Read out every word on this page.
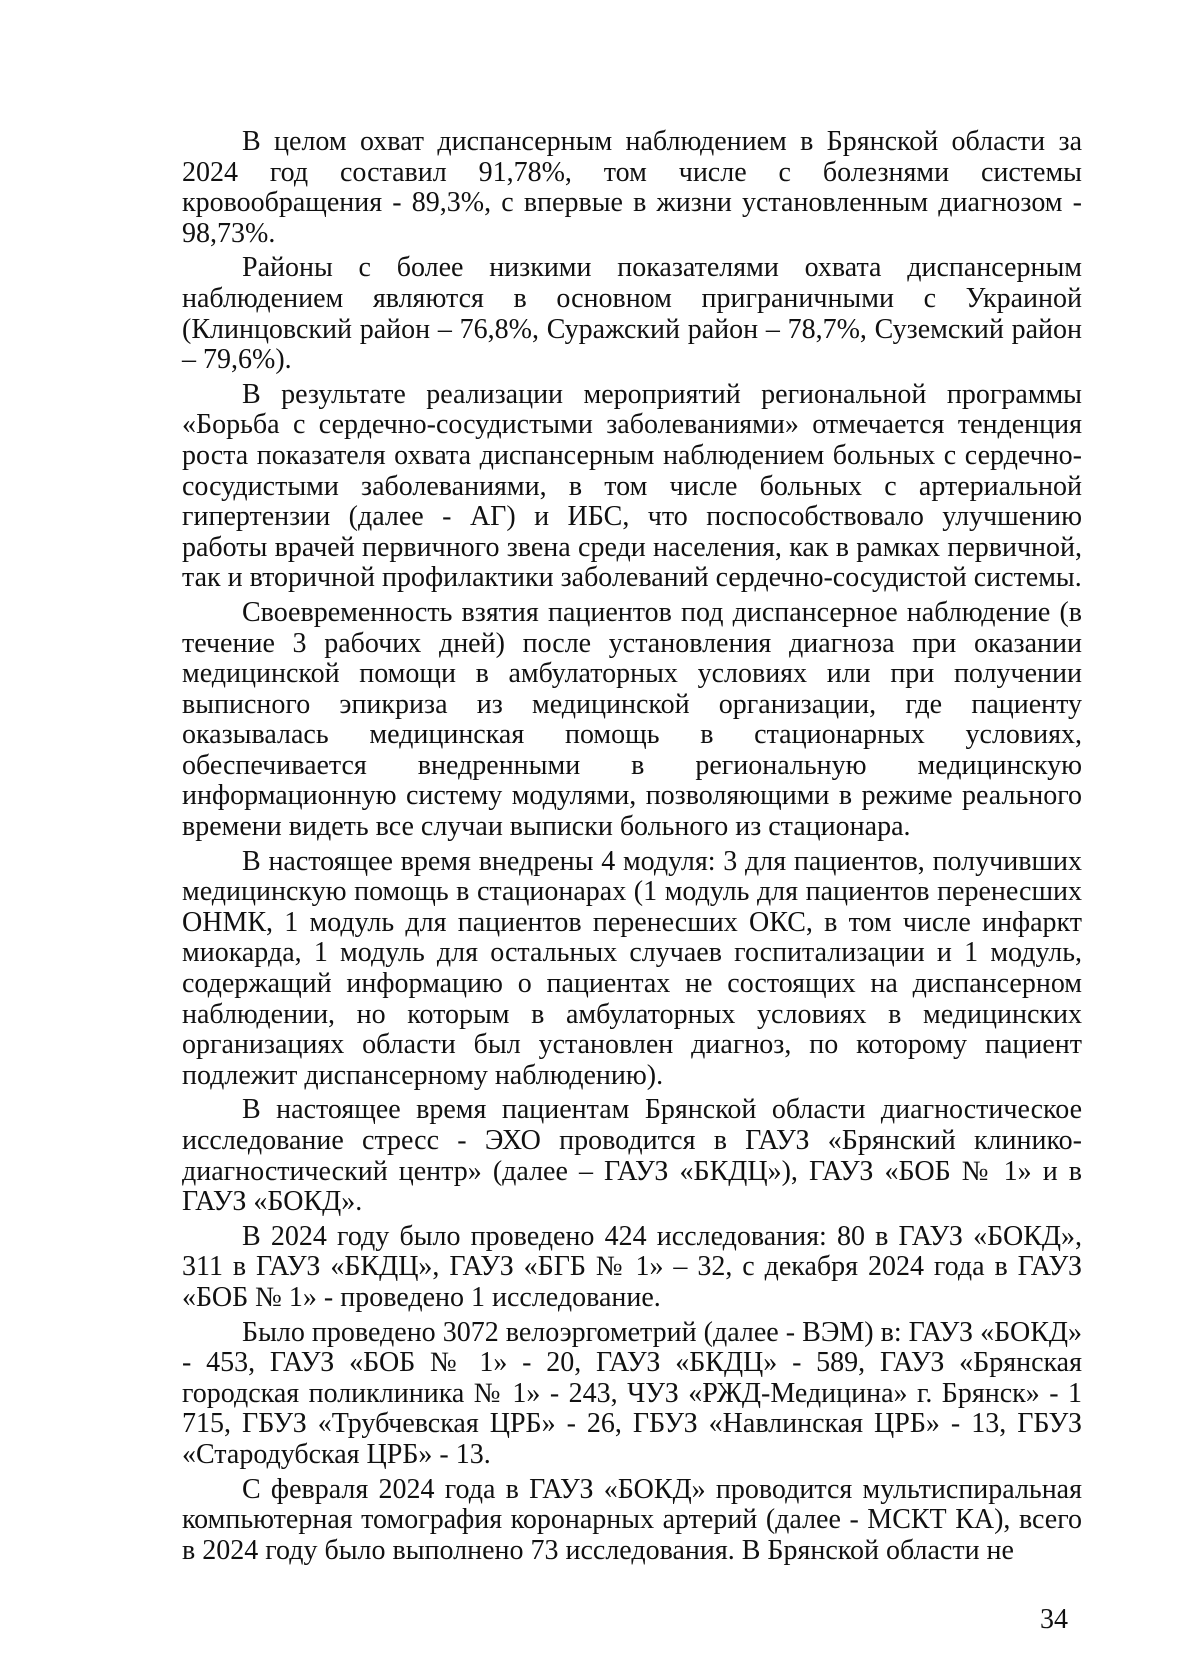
В целом охват диспансерным наблюдением в Брянской области за 2024 год составил 91,78%, том числе с болезнями системы кровообращения - 89,3%, с впервые в жизни установленным диагнозом - 98,73%.

Районы с более низкими показателями охвата диспансерным наблюдением являются в основном приграничными с Украиной (Клинцовский район – 76,8%, Суражский район – 78,7%, Суземский район – 79,6%).

В результате реализации мероприятий региональной программы «Борьба с сердечно-сосудистыми заболеваниями» отмечается тенденция роста показателя охвата диспансерным наблюдением больных с сердечно-сосудистыми заболеваниями, в том числе больных с артериальной гипертензии (далее - АГ) и ИБС, что поспособствовало улучшению работы врачей первичного звена среди населения, как в рамках первичной, так и вторичной профилактики заболеваний сердечно-сосудистой системы.

Своевременность взятия пациентов под диспансерное наблюдение (в течение 3 рабочих дней) после установления диагноза при оказании медицинской помощи в амбулаторных условиях или при получении выписного эпикриза из медицинской организации, где пациенту оказывалась медицинская помощь в стационарных условиях, обеспечивается внедренными в региональную медицинскую информационную систему модулями, позволяющими в режиме реального времени видеть все случаи выписки больного из стационара.

В настоящее время внедрены 4 модуля: 3 для пациентов, получивших медицинскую помощь в стационарах (1 модуль для пациентов перенесших ОНМК, 1 модуль для пациентов перенесших ОКС, в том числе инфаркт миокарда, 1 модуль для остальных случаев госпитализации и 1 модуль, содержащий информацию о пациентах не состоящих на диспансерном наблюдении, но которым в амбулаторных условиях в медицинских организациях области был установлен диагноз, по которому пациент подлежит диспансерному наблюдению).

В настоящее время пациентам Брянской области диагностическое исследование стресс - ЭХО проводится в ГАУЗ «Брянский клинико-диагностический центр» (далее – ГАУЗ «БКДЦ»), ГАУЗ «БОБ № 1» и в ГАУЗ «БОКД».

В 2024 году было проведено 424 исследования: 80 в ГАУЗ «БОКД», 311 в ГАУЗ «БКДЦ», ГАУЗ «БГБ № 1» – 32, с декабря 2024 года в ГАУЗ «БОБ № 1» - проведено 1 исследование.

Было проведено 3072 велоэргометрий (далее - ВЭМ) в: ГАУЗ «БОКД» - 453, ГАУЗ «БОБ № 1» - 20, ГАУЗ «БКДЦ» - 589, ГАУЗ «Брянская городская поликлиника № 1» - 243, ЧУЗ «РЖД-Медицина» г. Брянск» - 1 715, ГБУЗ «Трубчевская ЦРБ» - 26, ГБУЗ «Навлинская ЦРБ» - 13, ГБУЗ «Стародубская ЦРБ» - 13.

С февраля 2024 года в ГАУЗ «БОКД» проводится мультиспиральная компьютерная томография коронарных артерий (далее - МСКТ КА), всего в 2024 году было выполнено 73 исследования. В Брянской области не

34
